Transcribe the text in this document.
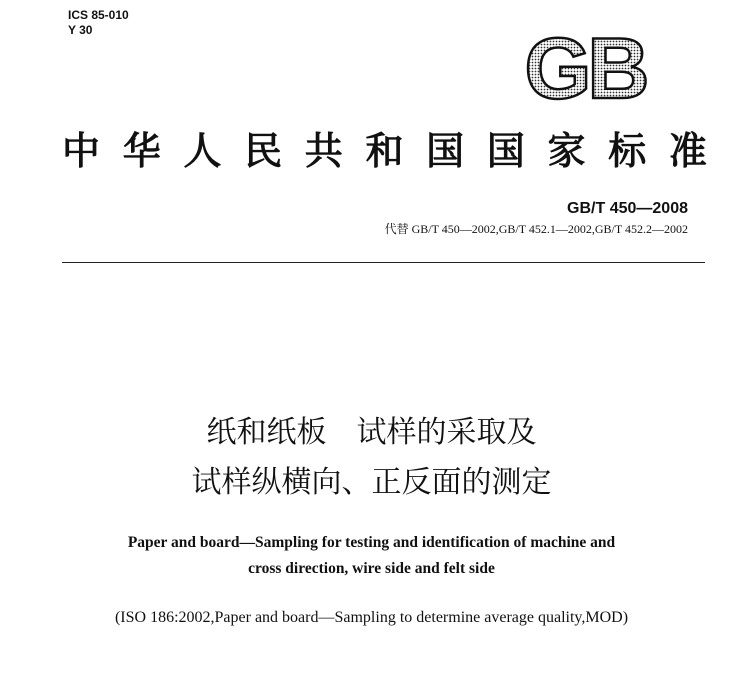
ICS 85-010
Y 30	GB
中 华 人 民 共 和 国 国 家 标 准
GB/T 450—2008
代替 GB/T 450—2002,GB/T 452.1—2002,GB/T 452.2—2002
纸和纸板　试样的采取及
试样纵横向、正反面的测定
Paper and board—Sampling for testing and identification of machine and
cross direction, wire side and felt side
(ISO 186:2002,Paper and board—Sampling to determine average quality,MOD)
